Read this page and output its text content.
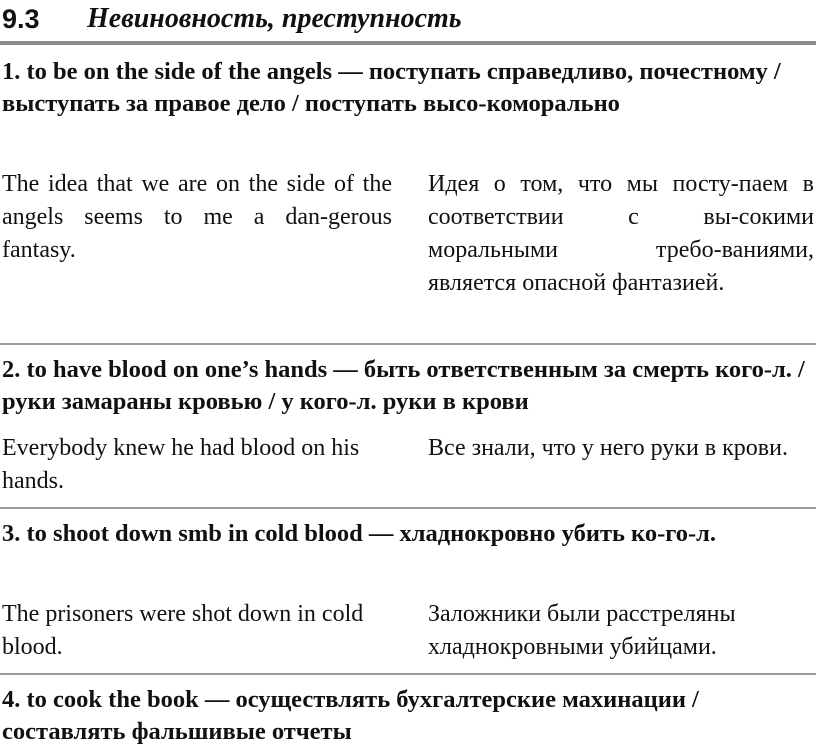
9.3 Невиновность, преступность

1. to be on the side of the angels — поступать справедливо, почестному / выступать за правое дело / поступать высо-коморально

The idea that we are on the side of the angels seems to me a dan-gerous fantasy.

Идея о том, что мы посту-паем в соответствии с вы-сокими моральными требо-ваниями, является опасной фантазией.

2. to have blood on one’s hands — быть ответственным за смерть кого-л. / руки замараны кровью / у кого-л. руки в крови

Everybody knew he had blood on his hands.

Все знали, что у него руки в крови.

3. to shoot down smb in cold blood — хладнокровно убить ко-го-л.

The prisoners were shot down in cold blood.

Заложники были расстреляны хладнокровными убийцами.

4. to cook the book — осуществлять бухгалтерские махинации / составлять фальшивые отчеты
